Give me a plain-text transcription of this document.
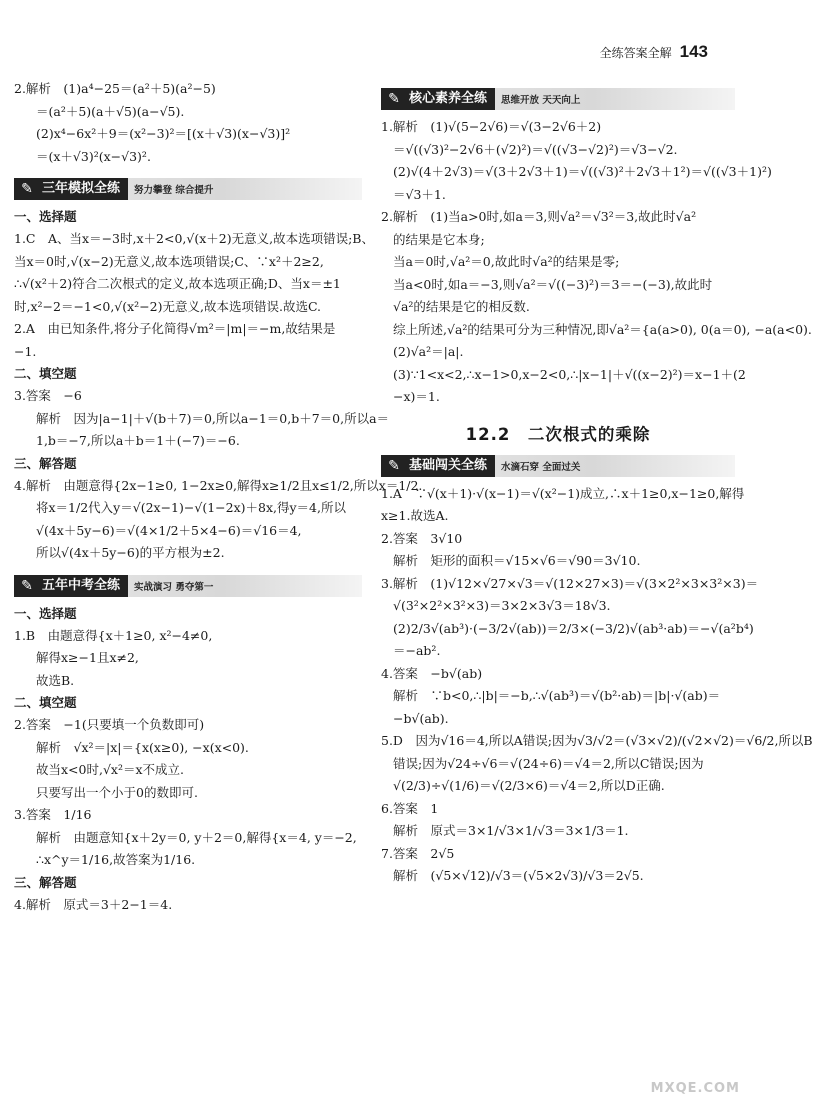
全练答案全解 143
2.解析　(1)a⁴−25＝(a²＋5)(a²−5)
＝(a²＋5)(a＋√5)(a−√5).
(2)x⁴−6x²＋9＝(x²−3)²＝[(x＋√3)(x−√3)]²
＝(x＋√3)²(x−√3)².
✎ 三年模拟全练	努力攀登 综合提升
一、选择题
1.C　A、当x＝−3时,x＋2<0,√(x＋2)无意义,故本选项错误;B、
当x＝0时,√(x−2)无意义,故本选项错误;C、∵x²＋2≥2,
∴√(x²＋2)符合二次根式的定义,故本选项正确;D、当x＝±1
时,x²−2＝−1<0,√(x²−2)无意义,故本选项错误.故选C.
2.A　由已知条件,将分子化简得√m²＝|m|＝−m,故结果是
−1.
二、填空题
3.答案　−6
解析　因为|a−1|＋√(b＋7)＝0,所以a−1＝0,b＋7＝0,所以a＝
1,b＝−7,所以a＋b＝1＋(−7)＝−6.
三、解答题
4.解析　由题意得{2x−1≥0, 1−2x≥0,解得x≥1/2且x≤1/2,所以x＝1/2.
将x＝1/2代入y＝√(2x−1)−√(1−2x)＋8x,得y＝4,所以
√(4x＋5y−6)＝√(4×1/2＋5×4−6)＝√16＝4,
所以√(4x＋5y−6)的平方根为±2.
✎ 五年中考全练	实战演习 勇夺第一
一、选择题
1.B　由题意得{x＋1≥0, x²−4≠0,
解得x≥−1且x≠2,
故选B.
二、填空题
2.答案　−1(只要填一个负数即可)
解析　√x²＝|x|＝{x(x≥0), −x(x<0).
故当x<0时,√x²＝x不成立.
只要写出一个小于0的数即可.
3.答案　1/16
解析　由题意知{x＋2y＝0, y＋2＝0,解得{x＝4, y＝−2,
∴x^y＝1/16,故答案为1/16.
三、解答题
4.解析　原式＝3＋2−1＝4.
✎ 核心素养全练	思维开放 天天向上
1.解析　(1)√(5−2√6)＝√(3−2√6＋2)
＝√((√3)²−2√6＋(√2)²)＝√((√3−√2)²)＝√3−√2.
(2)√(4＋2√3)＝√(3＋2√3＋1)＝√((√3)²＋2√3＋1²)＝√((√3＋1)²)
＝√3＋1.
2.解析　(1)当a>0时,如a＝3,则√a²＝√3²＝3,故此时√a²
的结果是它本身;
当a＝0时,√a²＝0,故此时√a²的结果是零;
当a<0时,如a＝−3,则√a²＝√((−3)²)＝3＝−(−3),故此时
√a²的结果是它的相反数.
综上所述,√a²的结果可分为三种情况,即√a²＝{a(a>0), 0(a＝0), −a(a<0).
(2)√a²＝|a|.
(3)∵1<x<2,∴x−1>0,x−2<0,∴|x−1|＋√((x−2)²)＝x−1＋(2
−x)＝1.
12.2　二次根式的乘除
✎ 基础闯关全练	水滴石穿 全面过关
1.A　∵√(x＋1)·√(x−1)＝√(x²−1)成立,∴x＋1≥0,x−1≥0,解得
x≥1.故选A.
2.答案　3√10
解析　矩形的面积＝√15×√6＝√90＝3√10.
3.解析　(1)√12×√27×√3＝√(12×27×3)＝√(3×2²×3×3²×3)＝
√(3²×2²×3²×3)＝3×2×3√3＝18√3.
(2)2/3√(ab³)·(−3/2√(ab))＝2/3×(−3/2)√(ab³·ab)＝−√(a²b⁴)
＝−ab².
4.答案　−b√(ab)
解析　∵b<0,∴|b|＝−b,∴√(ab³)＝√(b²·ab)＝|b|·√(ab)＝
−b√(ab).
5.D　因为√16＝4,所以A错误;因为√3/√2＝(√3×√2)/(√2×√2)＝√6/2,所以B
错误;因为√24÷√6＝√(24÷6)＝√4＝2,所以C错误;因为
√(2/3)÷√(1/6)＝√(2/3×6)＝√4＝2,所以D正确.
6.答案　1
解析　原式＝3×1/√3×1/√3＝3×1/3＝1.
7.答案　2√5
解析　(√5×√12)/√3＝(√5×2√3)/√3＝2√5.
MXQE.COM
